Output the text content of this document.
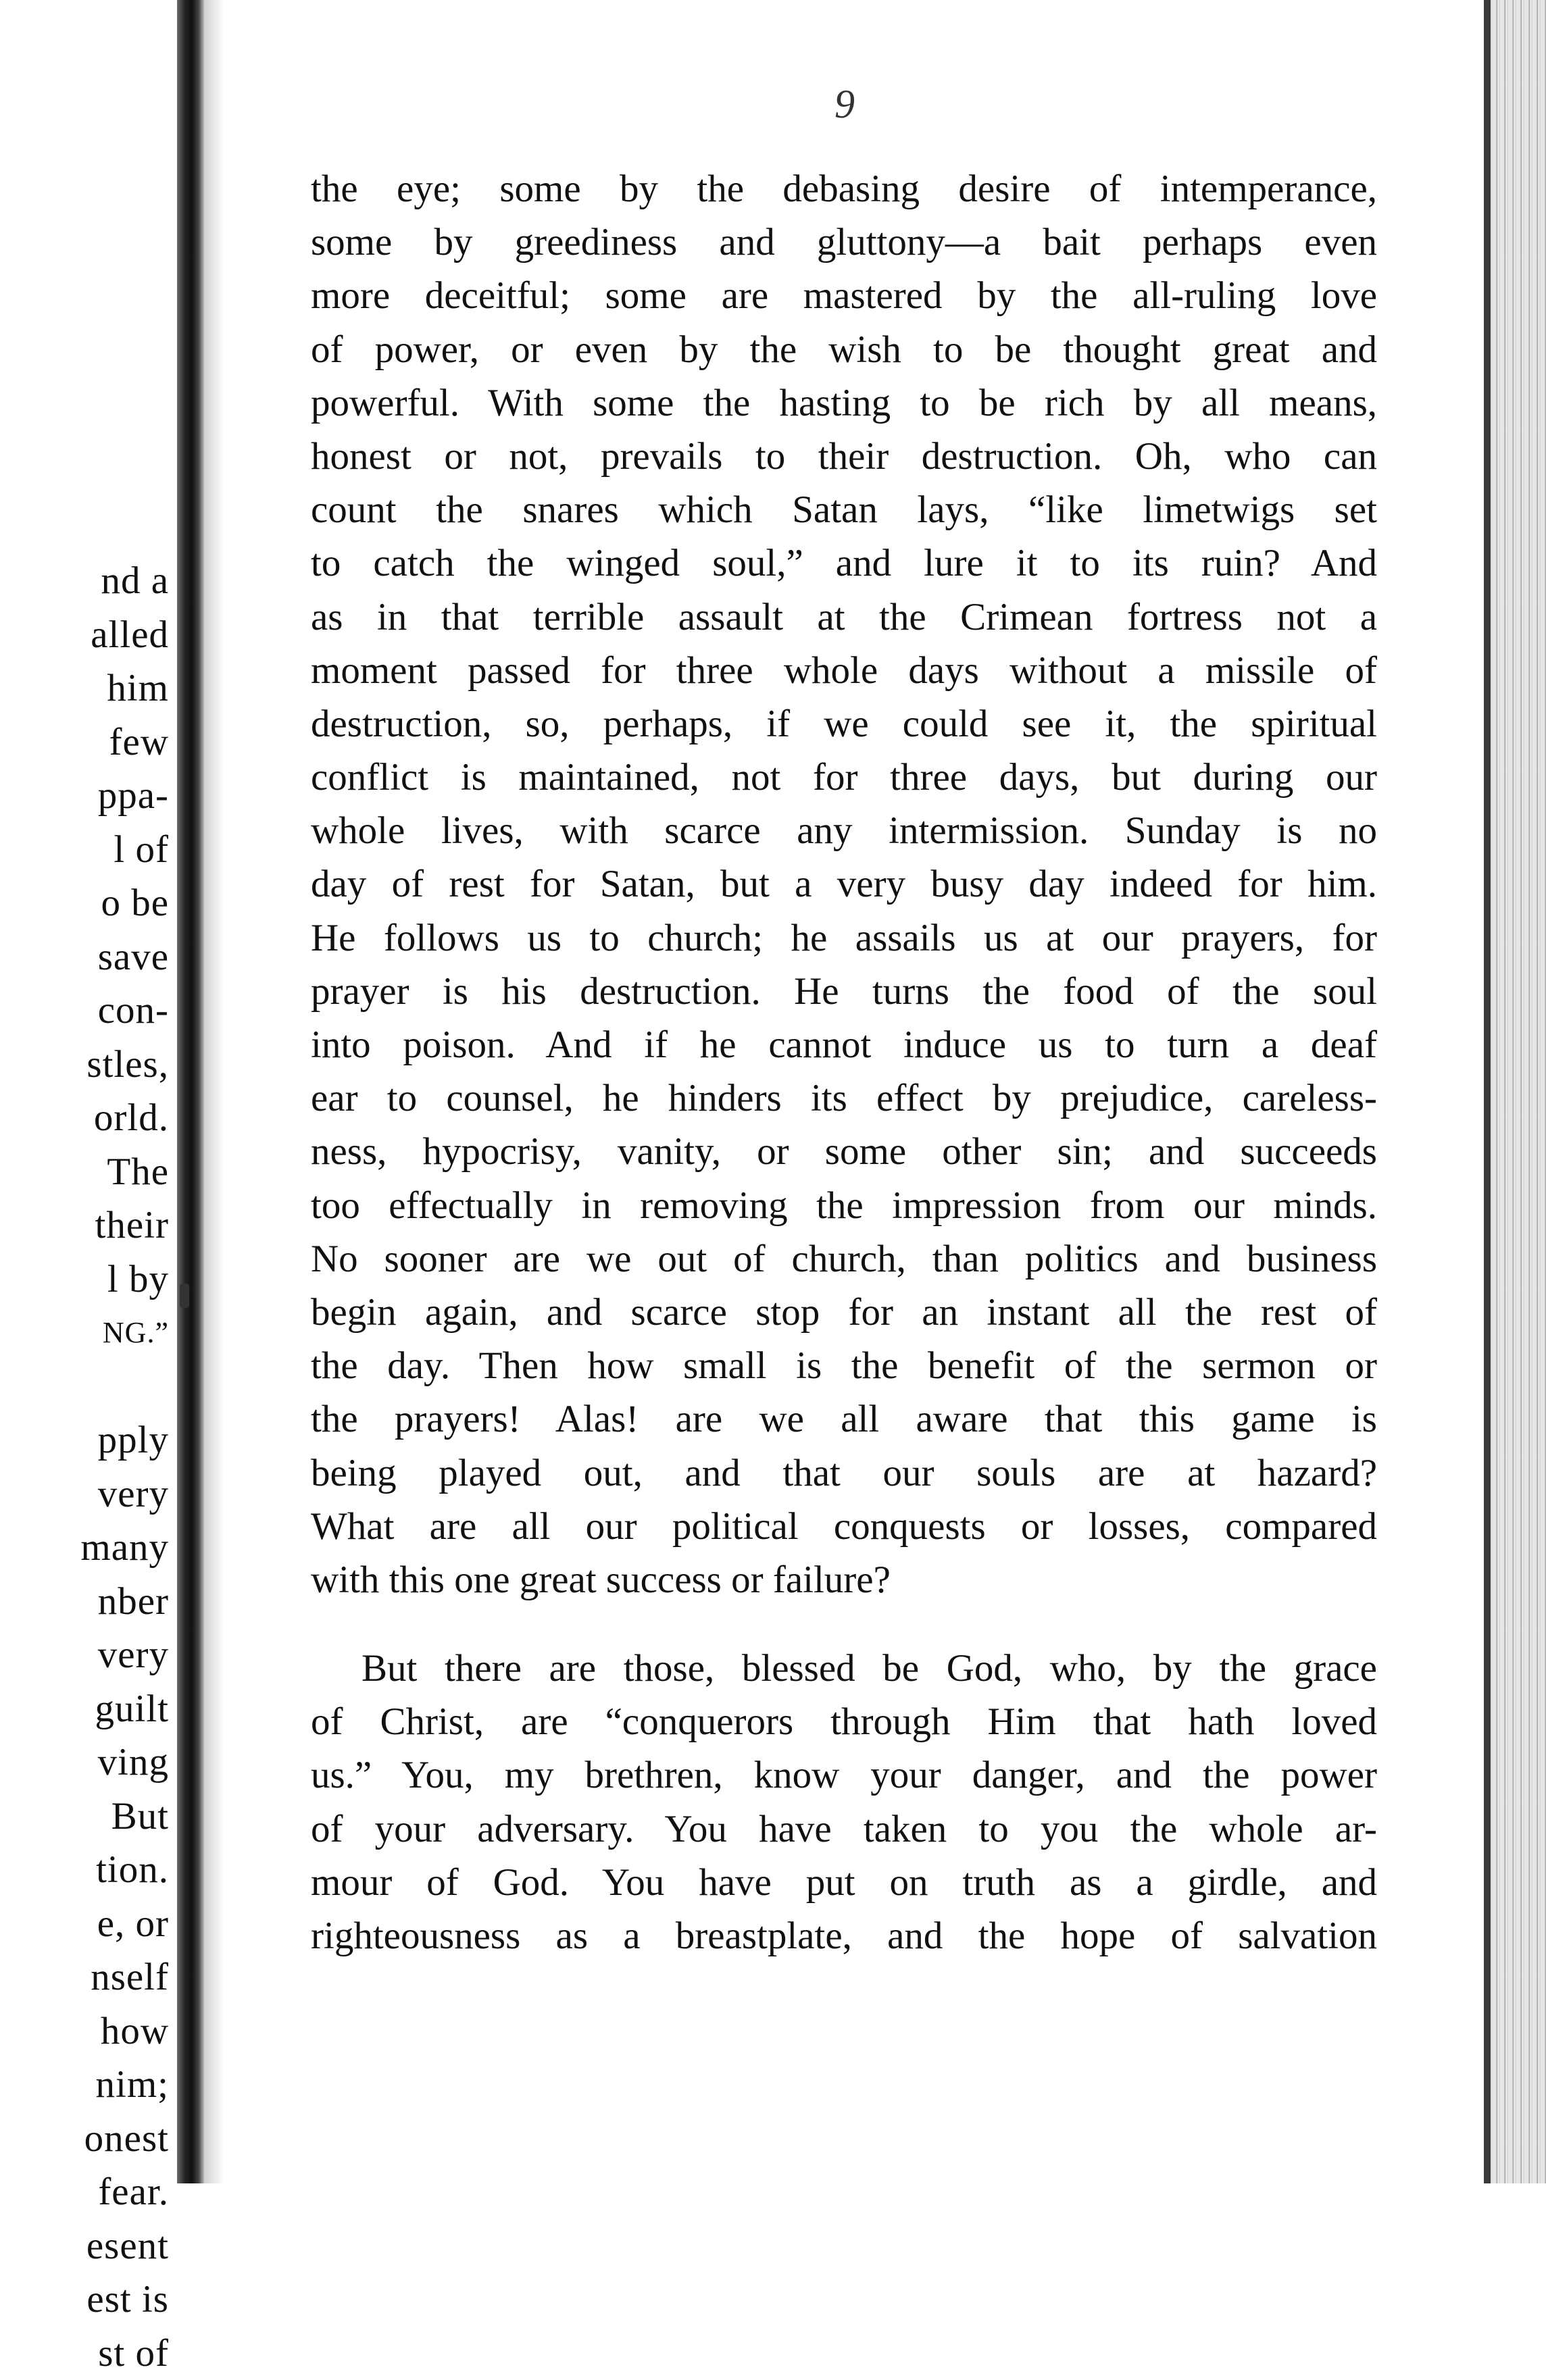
nd a
alled
him
few
ppa-
l of
o be
save
con-
stles,
orld.
The
their
l by
NG.”
pply
very
many
nber
very
guilt
ving
But
tion.
e, or
nself
how
nim;
onest
fear.
esent
est is
st of
9
the eye; some by the debasing desire of intemperance,
some by greediness and gluttony—a bait perhaps even
more deceitful; some are mastered by the all-ruling love
of power, or even by the wish to be thought great and
powerful. With some the hasting to be rich by all means,
honest or not, prevails to their destruction. Oh, who can
count the snares which Satan lays, “like limetwigs set
to catch the winged soul,” and lure it to its ruin? And
as in that terrible assault at the Crimean fortress not a
moment passed for three whole days without a missile of
destruction, so, perhaps, if we could see it, the spiritual
conflict is maintained, not for three days, but during our
whole lives, with scarce any intermission. Sunday is no
day of rest for Satan, but a very busy day indeed for him.
He follows us to church; he assails us at our prayers, for
prayer is his destruction. He turns the food of the soul
into poison. And if he cannot induce us to turn a deaf
ear to counsel, he hinders its effect by prejudice, careless-
ness, hypocrisy, vanity, or some other sin; and succeeds
too effectually in removing the impression from our minds.
No sooner are we out of church, than politics and business
begin again, and scarce stop for an instant all the rest of
the day. Then how small is the benefit of the sermon or
the prayers! Alas! are we all aware that this game is
being played out, and that our souls are at hazard?
What are all our political conquests or losses, compared
with this one great success or failure?
But there are those, blessed be God, who, by the grace
of Christ, are “conquerors through Him that hath loved
us.” You, my brethren, know your danger, and the power
of your adversary. You have taken to you the whole ar-
mour of God. You have put on truth as a girdle, and
righteousness as a breastplate, and the hope of salvation
